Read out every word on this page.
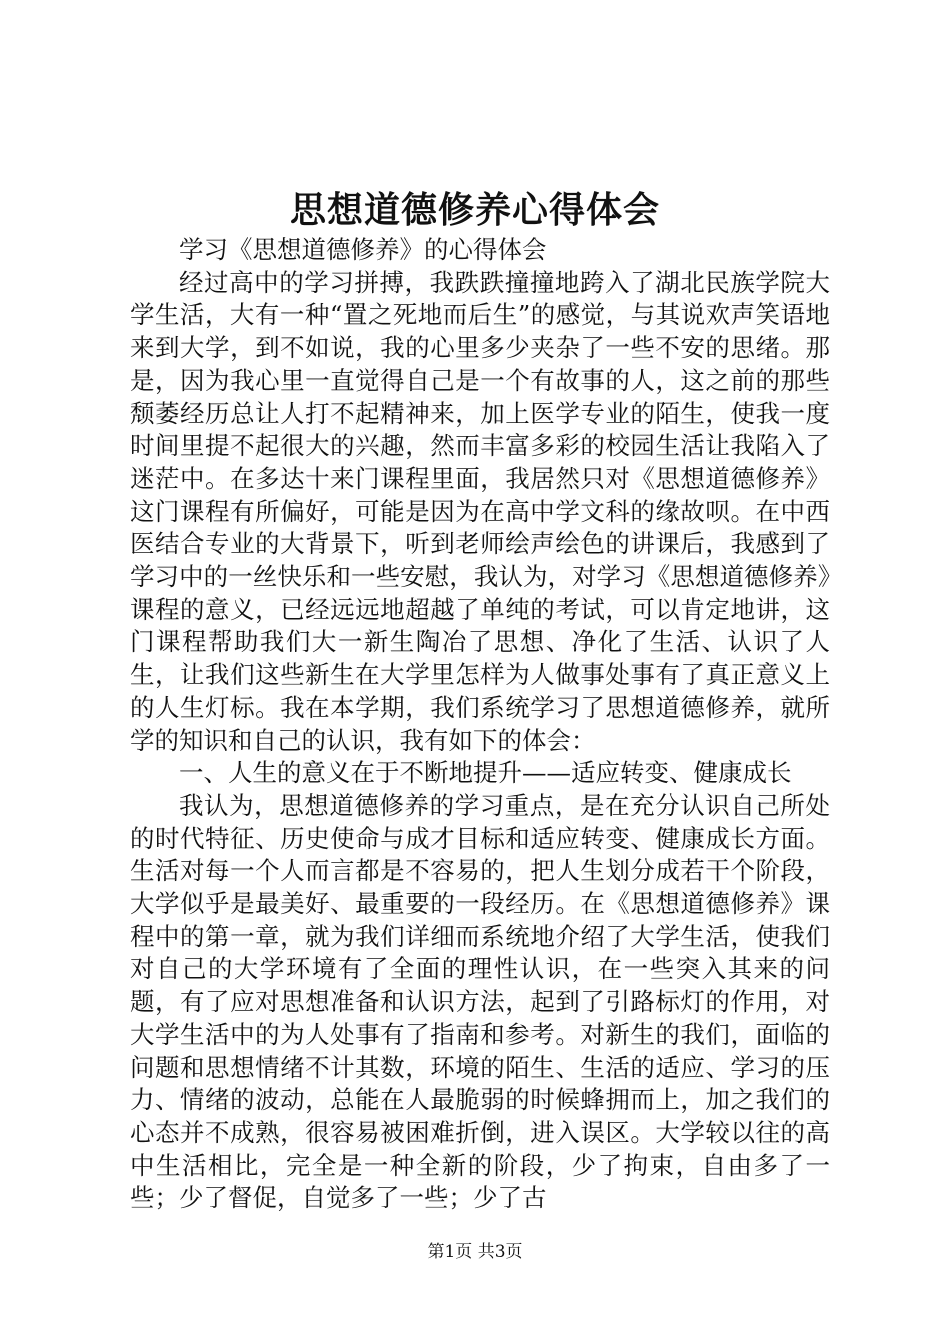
思想道德修养心得体会

学习《思想道德修养》的心得体会

经过高中的学习拼搏，我跌跌撞撞地跨入了湖北民族学院大学生活，大有一种“置之死地而后生”的感觉，与其说欢声笑语地来到大学，到不如说，我的心里多少夹杂了一些不安的思绪。那是，因为我心里一直觉得自己是一个有故事的人，这之前的那些颓萎经历总让人打不起精神来，加上医学专业的陌生，使我一度时间里提不起很大的兴趣，然而丰富多彩的校园生活让我陷入了迷茫中。在多达十来门课程里面，我居然只对《思想道德修养》这门课程有所偏好，可能是因为在高中学文科的缘故呗。在中西医结合专业的大背景下，听到老师绘声绘色的讲课后，我感到了学习中的一丝快乐和一些安慰，我认为，对学习《思想道德修养》课程的意义，已经远远地超越了单纯的考试，可以肯定地讲，这门课程帮助我们大一新生陶冶了思想、净化了生活、认识了人生，让我们这些新生在大学里怎样为人做事处事有了真正意义上的人生灯标。我在本学期，我们系统学习了思想道德修养，就所学的知识和自己的认识，我有如下的体会：

一、人生的意义在于不断地提升——适应转变、健康成长

我认为，思想道德修养的学习重点，是在充分认识自己所处的时代特征、历史使命与成才目标和适应转变、健康成长方面。生活对每一个人而言都是不容易的，把人生划分成若干个阶段，大学似乎是最美好、最重要的一段经历。在《思想道德修养》课程中的第一章，就为我们详细而系统地介绍了大学生活，使我们对自己的大学环境有了全面的理性认识，在一些突入其来的问题，有了应对思想准备和认识方法，起到了引路标灯的作用，对大学生活中的为人处事有了指南和参考。对新生的我们，面临的问题和思想情绪不计其数，环境的陌生、生活的适应、学习的压力、情绪的波动，总能在人最脆弱的时候蜂拥而上，加之我们的心态并不成熟，很容易被困难折倒，进入误区。大学较以往的高中生活相比，完全是一种全新的阶段，少了拘束，自由多了一些；少了督促，自觉多了一些；少了古

第1页 共3页
